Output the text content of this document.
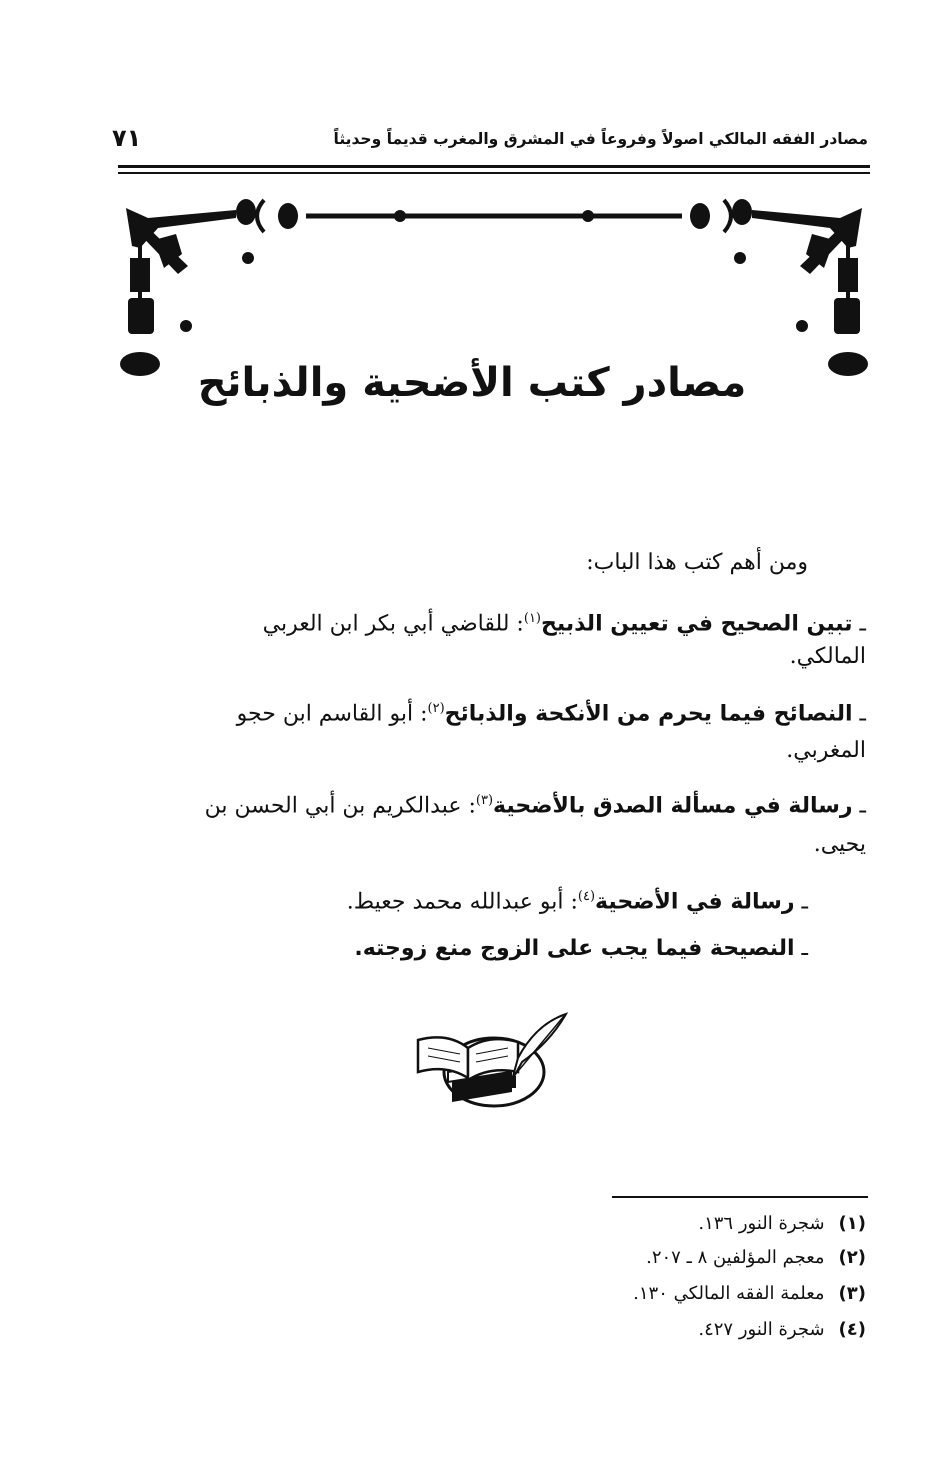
مصادر الفقه المالكي اصولاً وفروعاً في المشرق والمغرب قديماً وحديثاً
٧١
مصادر كتب الأضحية والذبائح
ومن أهم كتب هذا الباب:
ـ تبين الصحيح في تعيين الذبيح$^{(١)}$: للقاضي أبي بكر ابن العربي
المالكي.
ـ النصائح فيما يحرم من الأنكحة والذبائح$^{(٢)}$: أبو القاسم ابن حجو
المغربي.
ـ رسالة في مسألة الصدق بالأضحية$^{(٣)}$: عبدالكريم بن أبي الحسن بن
يحيى.
ـ رسالة في الأضحية$^{(٤)}$: أبو عبدالله محمد جعيط.
ـ النصيحة فيما يجب على الزوج منع زوجته.
(١)شجرة النور ١٣٦.
(٢)معجم المؤلفين ٨ ـ ٢٠٧.
(٣)معلمة الفقه المالكي ١٣٠.
(٤)شجرة النور ٤٢٧.
